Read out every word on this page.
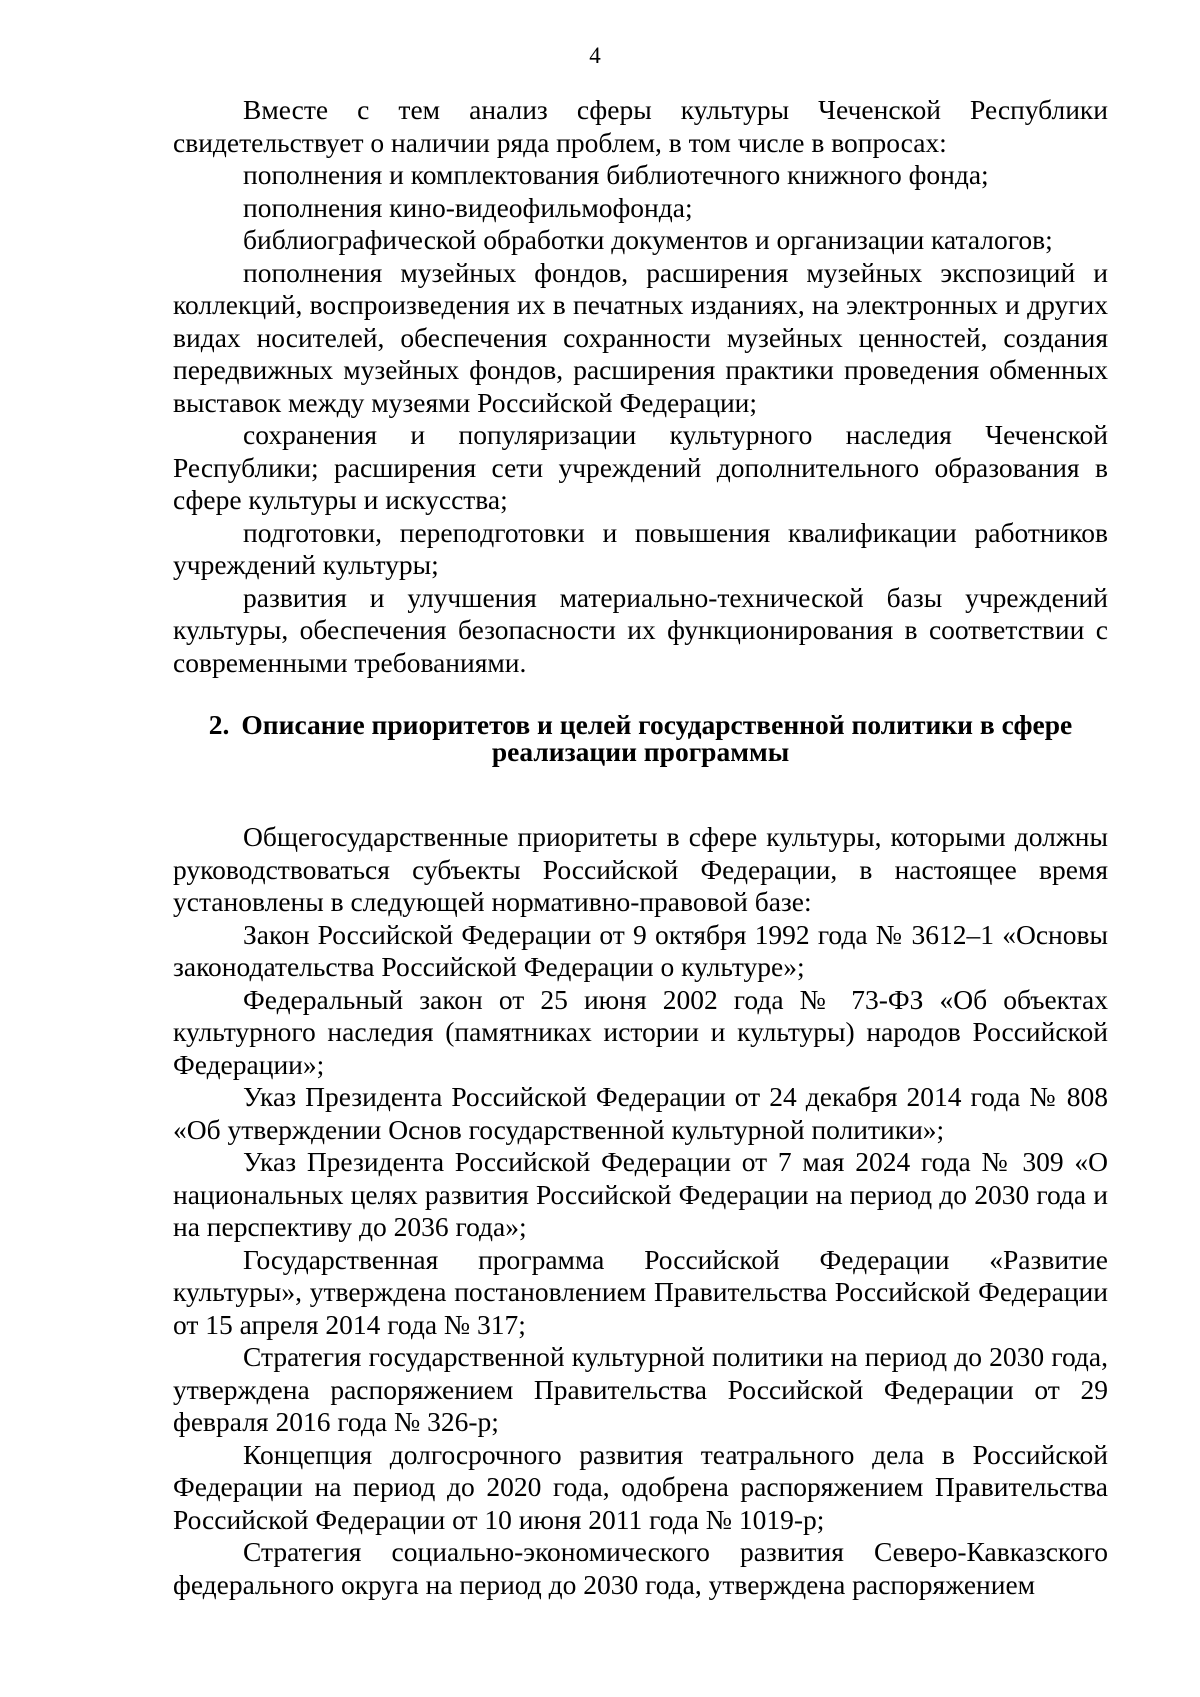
4

Вместе с тем анализ сферы культуры Чеченской Республики свидетельствует о наличии ряда проблем, в том числе в вопросах:

пополнения и комплектования библиотечного книжного фонда;

пополнения кино-видеофильмофонда;

библиографической обработки документов и организации каталогов;

пополнения музейных фондов, расширения музейных экспозиций и коллекций, воспроизведения их в печатных изданиях, на электронных и других видах носителей, обеспечения сохранности музейных ценностей, создания передвижных музейных фондов, расширения практики проведения обменных выставок между музеями Российской Федерации;

сохранения и популяризации культурного наследия Чеченской Республики; расширения сети учреждений дополнительного образования в сфере культуры и искусства;

подготовки, переподготовки и повышения квалификации работников учреждений культуры;

развития и улучшения материально-технической базы учреждений культуры, обеспечения безопасности их функционирования в соответствии с современными требованиями.

2. Описание приоритетов и целей государственной политики в сфере реализации программы

Общегосударственные приоритеты в сфере культуры, которыми должны руководствоваться субъекты Российской Федерации, в настоящее время установлены в следующей нормативно-правовой базе:

Закон Российской Федерации от 9 октября 1992 года № 3612–1 «Основы законодательства Российской Федерации о культуре»;

Федеральный закон от 25 июня 2002 года № 73-ФЗ «Об объектах культурного наследия (памятниках истории и культуры) народов Российской Федерации»;

Указ Президента Российской Федерации от 24 декабря 2014 года № 808 «Об утверждении Основ государственной культурной политики»;

Указ Президента Российской Федерации от 7 мая 2024 года № 309 «О национальных целях развития Российской Федерации на период до 2030 года и на перспективу до 2036 года»;

Государственная программа Российской Федерации «Развитие культуры», утверждена постановлением Правительства Российской Федерации от 15 апреля 2014 года № 317;

Стратегия государственной культурной политики на период до 2030 года, утверждена распоряжением Правительства Российской Федерации от 29 февраля 2016 года № 326-р;

Концепция долгосрочного развития театрального дела в Российской Федерации на период до 2020 года, одобрена распоряжением Правительства Российской Федерации от 10 июня 2011 года № 1019-р;

Стратегия социально-экономического развития Северо-Кавказского федерального округа на период до 2030 года, утверждена распоряжением
